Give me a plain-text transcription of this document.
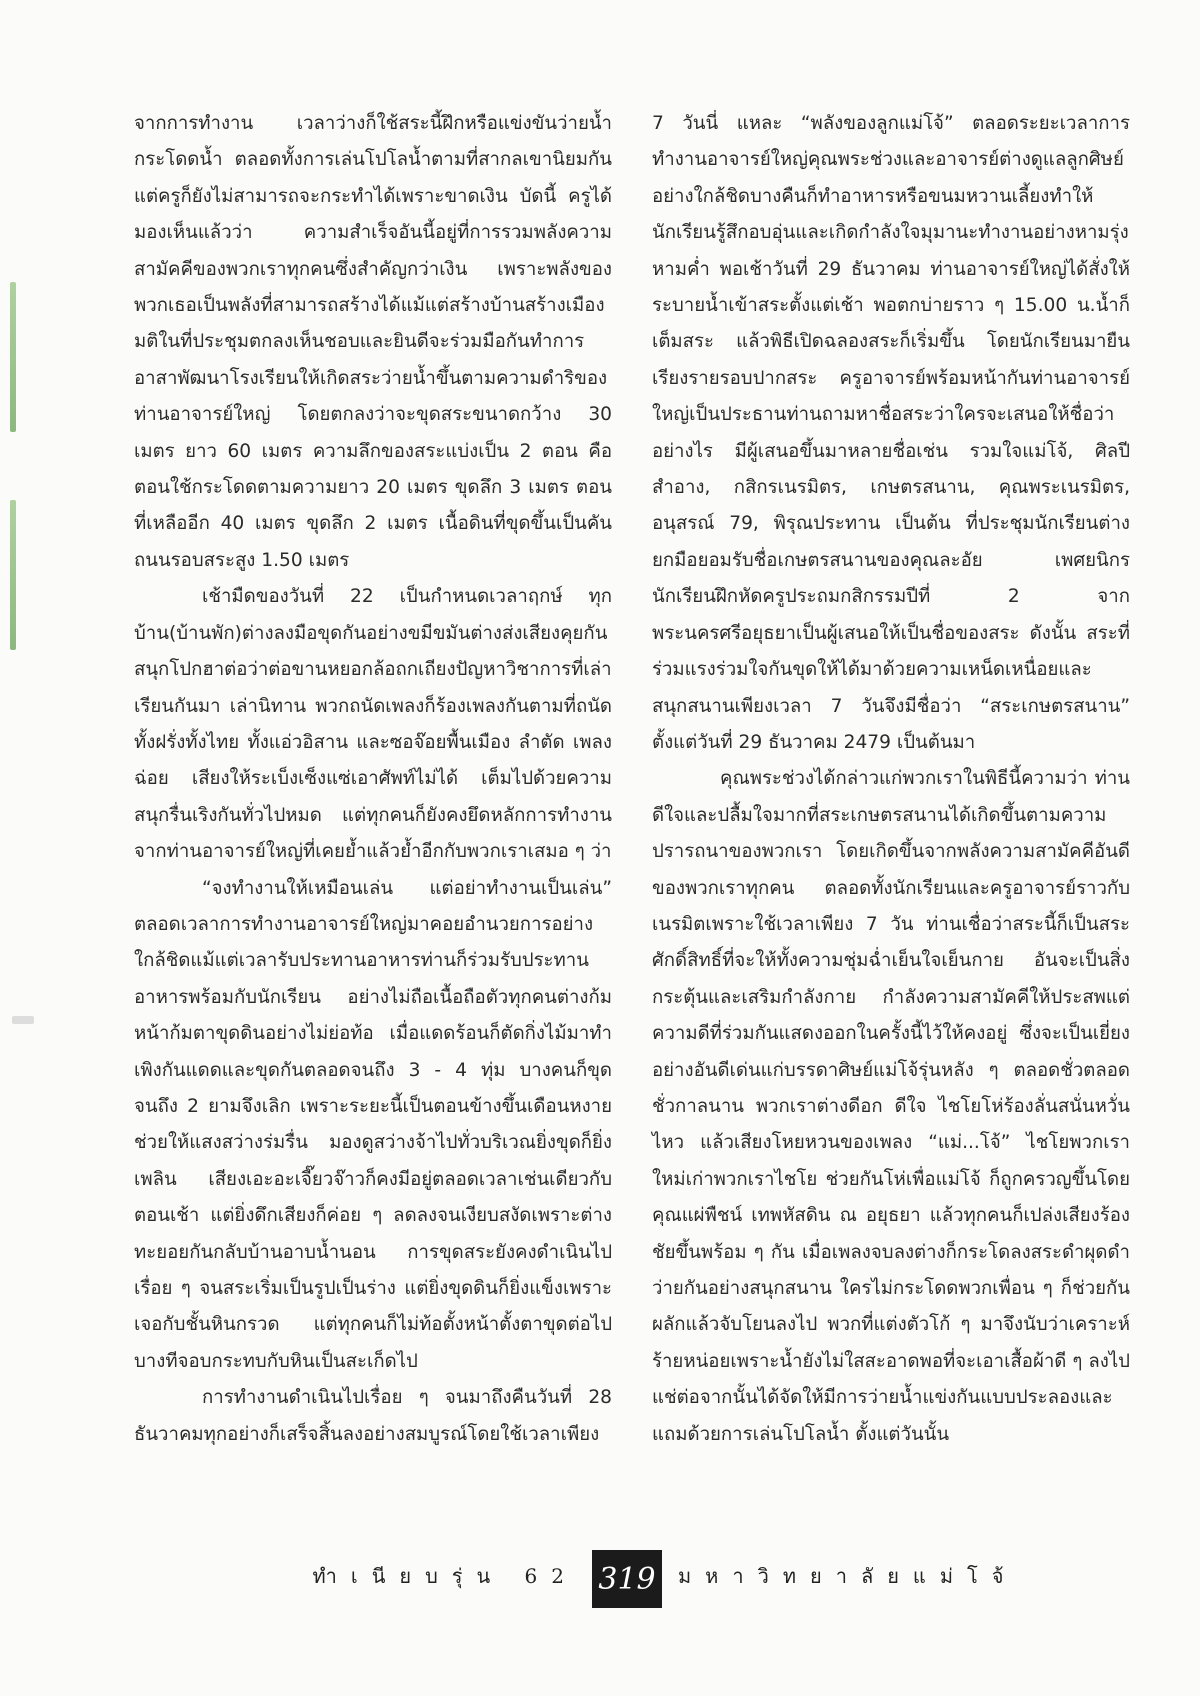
จากการทำงาน เวลาว่างก็ใช้สระนี้ฝึกหรือแข่งขันว่ายน้ำ กระโดดน้ำ ตลอดทั้งการเล่นโปโลน้ำตามที่สากลเขานิยมกัน แต่ครูก็ยังไม่สามารถจะกระทำได้เพราะขาดเงิน บัดนี้ ครูได้มองเห็นแล้วว่า ความสำเร็จอันนี้อยู่ที่การรวมพลังความสามัคคีของพวกเราทุกคนซึ่งสำคัญกว่าเงิน เพราะพลังของพวกเธอเป็นพลังที่สามารถสร้างได้แม้แต่สร้างบ้านสร้างเมือง มติในที่ประชุมตกลงเห็นชอบและยินดีจะร่วมมือกันทำการอาสาพัฒนาโรงเรียนให้เกิดสระว่ายน้ำขึ้นตามความดำริของท่านอาจารย์ใหญ่ โดยตกลงว่าจะขุดสระขนาดกว้าง 30 เมตร ยาว 60 เมตร ความลึกของสระแบ่งเป็น 2 ตอน คือตอนใช้กระโดดตามความยาว 20 เมตร ขุดลึก 3 เมตร ตอนที่เหลืออีก 40 เมตร ขุดลึก 2 เมตร เนื้อดินที่ขุดขึ้นเป็นคันถนนรอบสระสูง 1.50 เมตร

เช้ามืดของวันที่ 22 เป็นกำหนดเวลาฤกษ์ ทุกบ้าน(บ้านพัก)ต่างลงมือขุดกันอย่างขมีขมันต่างส่งเสียงคุยกันสนุกโปกฮาต่อว่าต่อขานหยอกล้อถกเถียงปัญหาวิชาการที่เล่าเรียนกันมา เล่านิทาน พวกถนัดเพลงก็ร้องเพลงกันตามที่ถนัด ทั้งฝรั่งทั้งไทย ทั้งแอ่วอิสาน และซอจ๊อยพื้นเมือง ลำตัด เพลงฉ่อย เสียงให้ระเบ็งเซ็งแซ่เอาศัพท์ไม่ได้ เต็มไปด้วยความสนุกรื่นเริงกันทั่วไปหมด แต่ทุกคนก็ยังคงยึดหลักการทำงานจากท่านอาจารย์ใหญ่ที่เคยย้ำแล้วย้ำอีกกับพวกเราเสมอ ๆ ว่า

“จงทำงานให้เหมือนเล่น แต่อย่าทำงานเป็นเล่น” ตลอดเวลาการทำงานอาจารย์ใหญ่มาคอยอำนวยการอย่างใกล้ชิดแม้แต่เวลารับประทานอาหารท่านก็ร่วมรับประทานอาหารพร้อมกับนักเรียน อย่างไม่ถือเนื้อถือตัวทุกคนต่างก้มหน้าก้มตาขุดดินอย่างไม่ย่อท้อ เมื่อแดดร้อนก็ตัดกิ่งไม้มาทำเพิงกันแดดและขุดกันตลอดจนถึง 3 - 4 ทุ่ม บางคนก็ขุดจนถึง 2 ยามจึงเลิก เพราะระยะนี้เป็นตอนข้างขึ้นเดือนหงายช่วยให้แสงสว่างร่มรื่น มองดูสว่างจ้าไปทั่วบริเวณยิ่งขุดก็ยิ่งเพลิน เสียงเอะอะเจี๊ยวจ๊าวก็คงมีอยู่ตลอดเวลาเช่นเดียวกับตอนเช้า แต่ยิ่งดึกเสียงก็ค่อย ๆ ลดลงจนเงียบสงัดเพราะต่างทะยอยกันกลับบ้านอาบน้ำนอน การขุดสระยังคงดำเนินไปเรื่อย ๆ จนสระเริ่มเป็นรูปเป็นร่าง แต่ยิ่งขุดดินก็ยิ่งแข็งเพราะเจอกับชั้นหินกรวด แต่ทุกคนก็ไม่ท้อตั้งหน้าตั้งตาขุดต่อไป บางทีจอบกระทบกับหินเป็นสะเก็ดไป

การทำงานดำเนินไปเรื่อย ๆ จนมาถึงคืนวันที่ 28 ธันวาคมทุกอย่างก็เสร็จสิ้นลงอย่างสมบูรณ์โดยใช้เวลาเพียง

7 วันนี่ แหละ “พลังของลูกแม่โจ้” ตลอดระยะเวลาการทำงานอาจารย์ใหญ่คุณพระช่วงและอาจารย์ต่างดูแลลูกศิษย์อย่างใกล้ชิดบางคืนก็ทำอาหารหรือขนมหวานเลี้ยงทำให้นักเรียนรู้สึกอบอุ่นและเกิดกำลังใจมุมานะทำงานอย่างหามรุ่งหามค่ำ พอเช้าวันที่ 29 ธันวาคม ท่านอาจารย์ใหญ่ได้สั่งให้ระบายน้ำเข้าสระตั้งแต่เช้า พอตกบ่ายราว ๆ 15.00 น.น้ำก็เต็มสระ แล้วพิธีเปิดฉลองสระก็เริ่มขึ้น โดยนักเรียนมายืนเรียงรายรอบปากสระ ครูอาจารย์พร้อมหน้ากันท่านอาจารย์ใหญ่เป็นประธานท่านถามหาชื่อสระว่าใครจะเสนอให้ชื่อว่าอย่างไร มีผู้เสนอขึ้นมาหลายชื่อเช่น รวมใจแม่โจ้, ศิลปีสำอาง, กสิกรเนรมิตร, เกษตรสนาน, คุณพระเนรมิตร, อนุสรณ์ 79, พิรุณประทาน เป็นต้น ที่ประชุมนักเรียนต่างยกมือยอมรับชื่อเกษตรสนานของคุณละอัย เพศยนิกร นักเรียนฝึกหัดครูประถมกสิกรรมปีที่ 2 จากพระนครศรีอยุธยาเป็นผู้เสนอให้เป็นชื่อของสระ ดังนั้น สระที่ร่วมแรงร่วมใจกันขุดให้ได้มาด้วยความเหน็ดเหนื่อยและสนุกสนานเพียงเวลา 7 วันจึงมีชื่อว่า “สระเกษตรสนาน” ตั้งแต่วันที่ 29 ธันวาคม 2479 เป็นต้นมา

คุณพระช่วงได้กล่าวแก่พวกเราในพิธีนี้ความว่า ท่านดีใจและปลื้มใจมากที่สระเกษตรสนานได้เกิดขึ้นตามความปรารถนาของพวกเรา โดยเกิดขึ้นจากพลังความสามัคคีอันดีของพวกเราทุกคน ตลอดทั้งนักเรียนและครูอาจารย์ราวกับเนรมิตเพราะใช้เวลาเพียง 7 วัน ท่านเชื่อว่าสระนี้ก็เป็นสระศักดิ์สิทธิ์ที่จะให้ทั้งความชุ่มฉ่ำเย็นใจเย็นกาย อันจะเป็นสิ่งกระตุ้นและเสริมกำลังกาย กำลังความสามัคคีให้ประสพแต่ความดีที่ร่วมกันแสดงออกในครั้งนี้ไว้ให้คงอยู่ ซึ่งจะเป็นเยี่ยงอย่างอันดีเด่นแก่บรรดาศิษย์แม่โจ้รุ่นหลัง ๆ ตลอดชั่วตลอดชั่วกาลนาน พวกเราต่างดีอก ดีใจ ไชโยโห่ร้องลั่นสนั่นหวั่นไหว แล้วเสียงโหยหวนของเพลง “แม่...โจ้” ไชโยพวกเรา ใหม่เก่าพวกเราไชโย ช่วยกันโห่เพื่อแม่โจ้ ก็ถูกครวญขึ้นโดย คุณแผ่พืชน์ เทพหัสดิน ณ อยุธยา แล้วทุกคนก็เปล่งเสียงร้องชัยขึ้นพร้อม ๆ กัน เมื่อเพลงจบลงต่างก็กระโดลงสระดำผุดดำว่ายกันอย่างสนุกสนาน ใครไม่กระโดดพวกเพื่อน ๆ ก็ช่วยกันผลักแล้วจับโยนลงไป พวกที่แต่งตัวโก้ ๆ มาจึงนับว่าเคราะห์ร้ายหน่อยเพราะน้ำยังไม่ใสสะอาดพอที่จะเอาเสื้อผ้าดี ๆ ลงไปแช่ต่อจากนั้นได้จัดให้มีการว่ายน้ำแข่งกันแบบประลองและแถมด้วยการเล่นโปโลน้ำ ตั้งแต่วันนั้น

ทำเนียบรุ่น 62 319	มหาวิทยาลัยแม่โจ้
